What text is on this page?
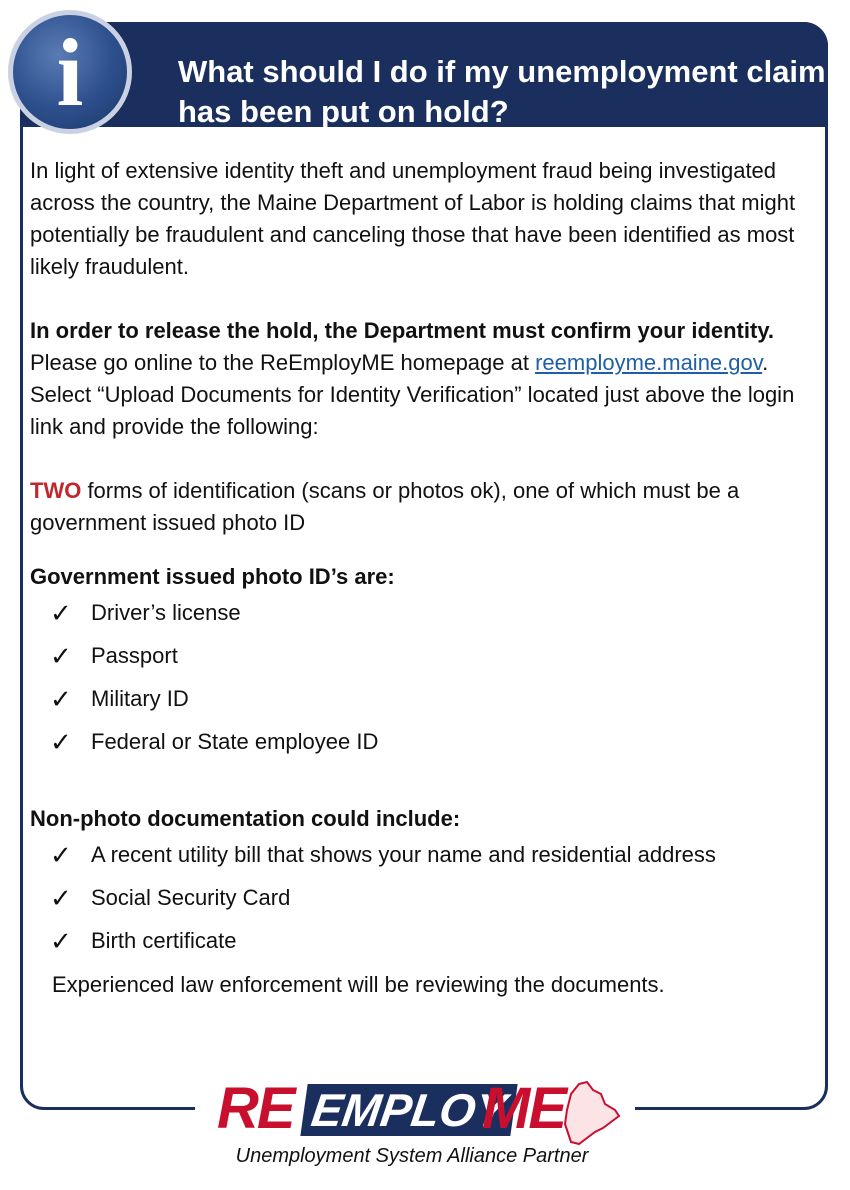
What should I do if my unemployment claim has been put on hold?
i

In light of extensive identity theft and unemployment fraud being investigated across the country, the Maine Department of Labor is holding claims that might potentially be fraudulent and canceling those that have been identified as most likely fraudulent.

In order to release the hold, the Department must confirm your identity. Please go online to the ReEmployME homepage at reemployme.maine.gov. Select “Upload Documents for Identity Verification” located just above the login link and provide the following:

TWO forms of identification (scans or photos ok), one of which must be a government issued photo ID

Government issued photo ID’s are:

✓ Driver’s license
✓ Passport
✓ Military ID
✓ Federal or State employee ID

Non-photo documentation could include:

✓ A recent utility bill that shows your name and residential address
✓ Social Security Card
✓ Birth certificate

Experienced law enforcement will be reviewing the documents.

RE EMPLOY
ME
Unemployment System Alliance Partner
